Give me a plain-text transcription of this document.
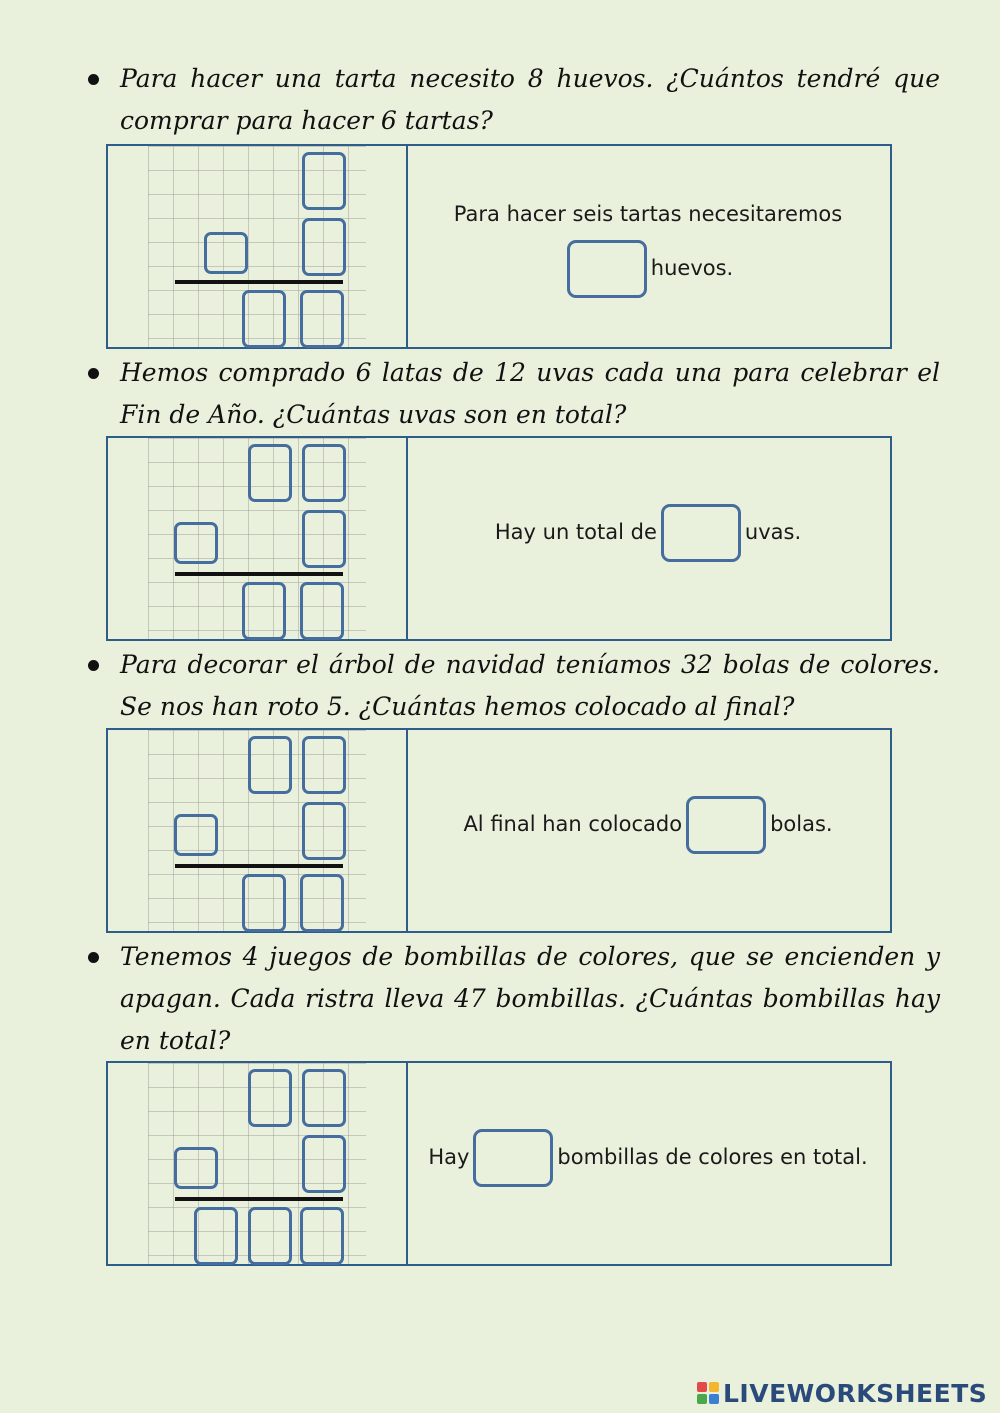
Para hacer una tarta necesito 8 huevos. ¿Cuántos tendré que comprar para hacer 6 tartas?
Para hacer seis tartas necesitaremos
huevos.
Hemos comprado 6 latas de 12 uvas cada una para celebrar el Fin de Año. ¿Cuántas uvas son en total?
Hay un total de	uvas.
Para decorar el árbol de navidad teníamos 32 bolas de colores. Se nos han roto 5. ¿Cuántas hemos colocado al final?
Al final han colocado	bolas.
Tenemos 4 juegos de bombillas de colores, que se encienden y apagan. Cada ristra lleva 47 bombillas. ¿Cuántas bombillas hay en total?
Hay	bombillas de colores en total.
LIVEWORKSHEETS
